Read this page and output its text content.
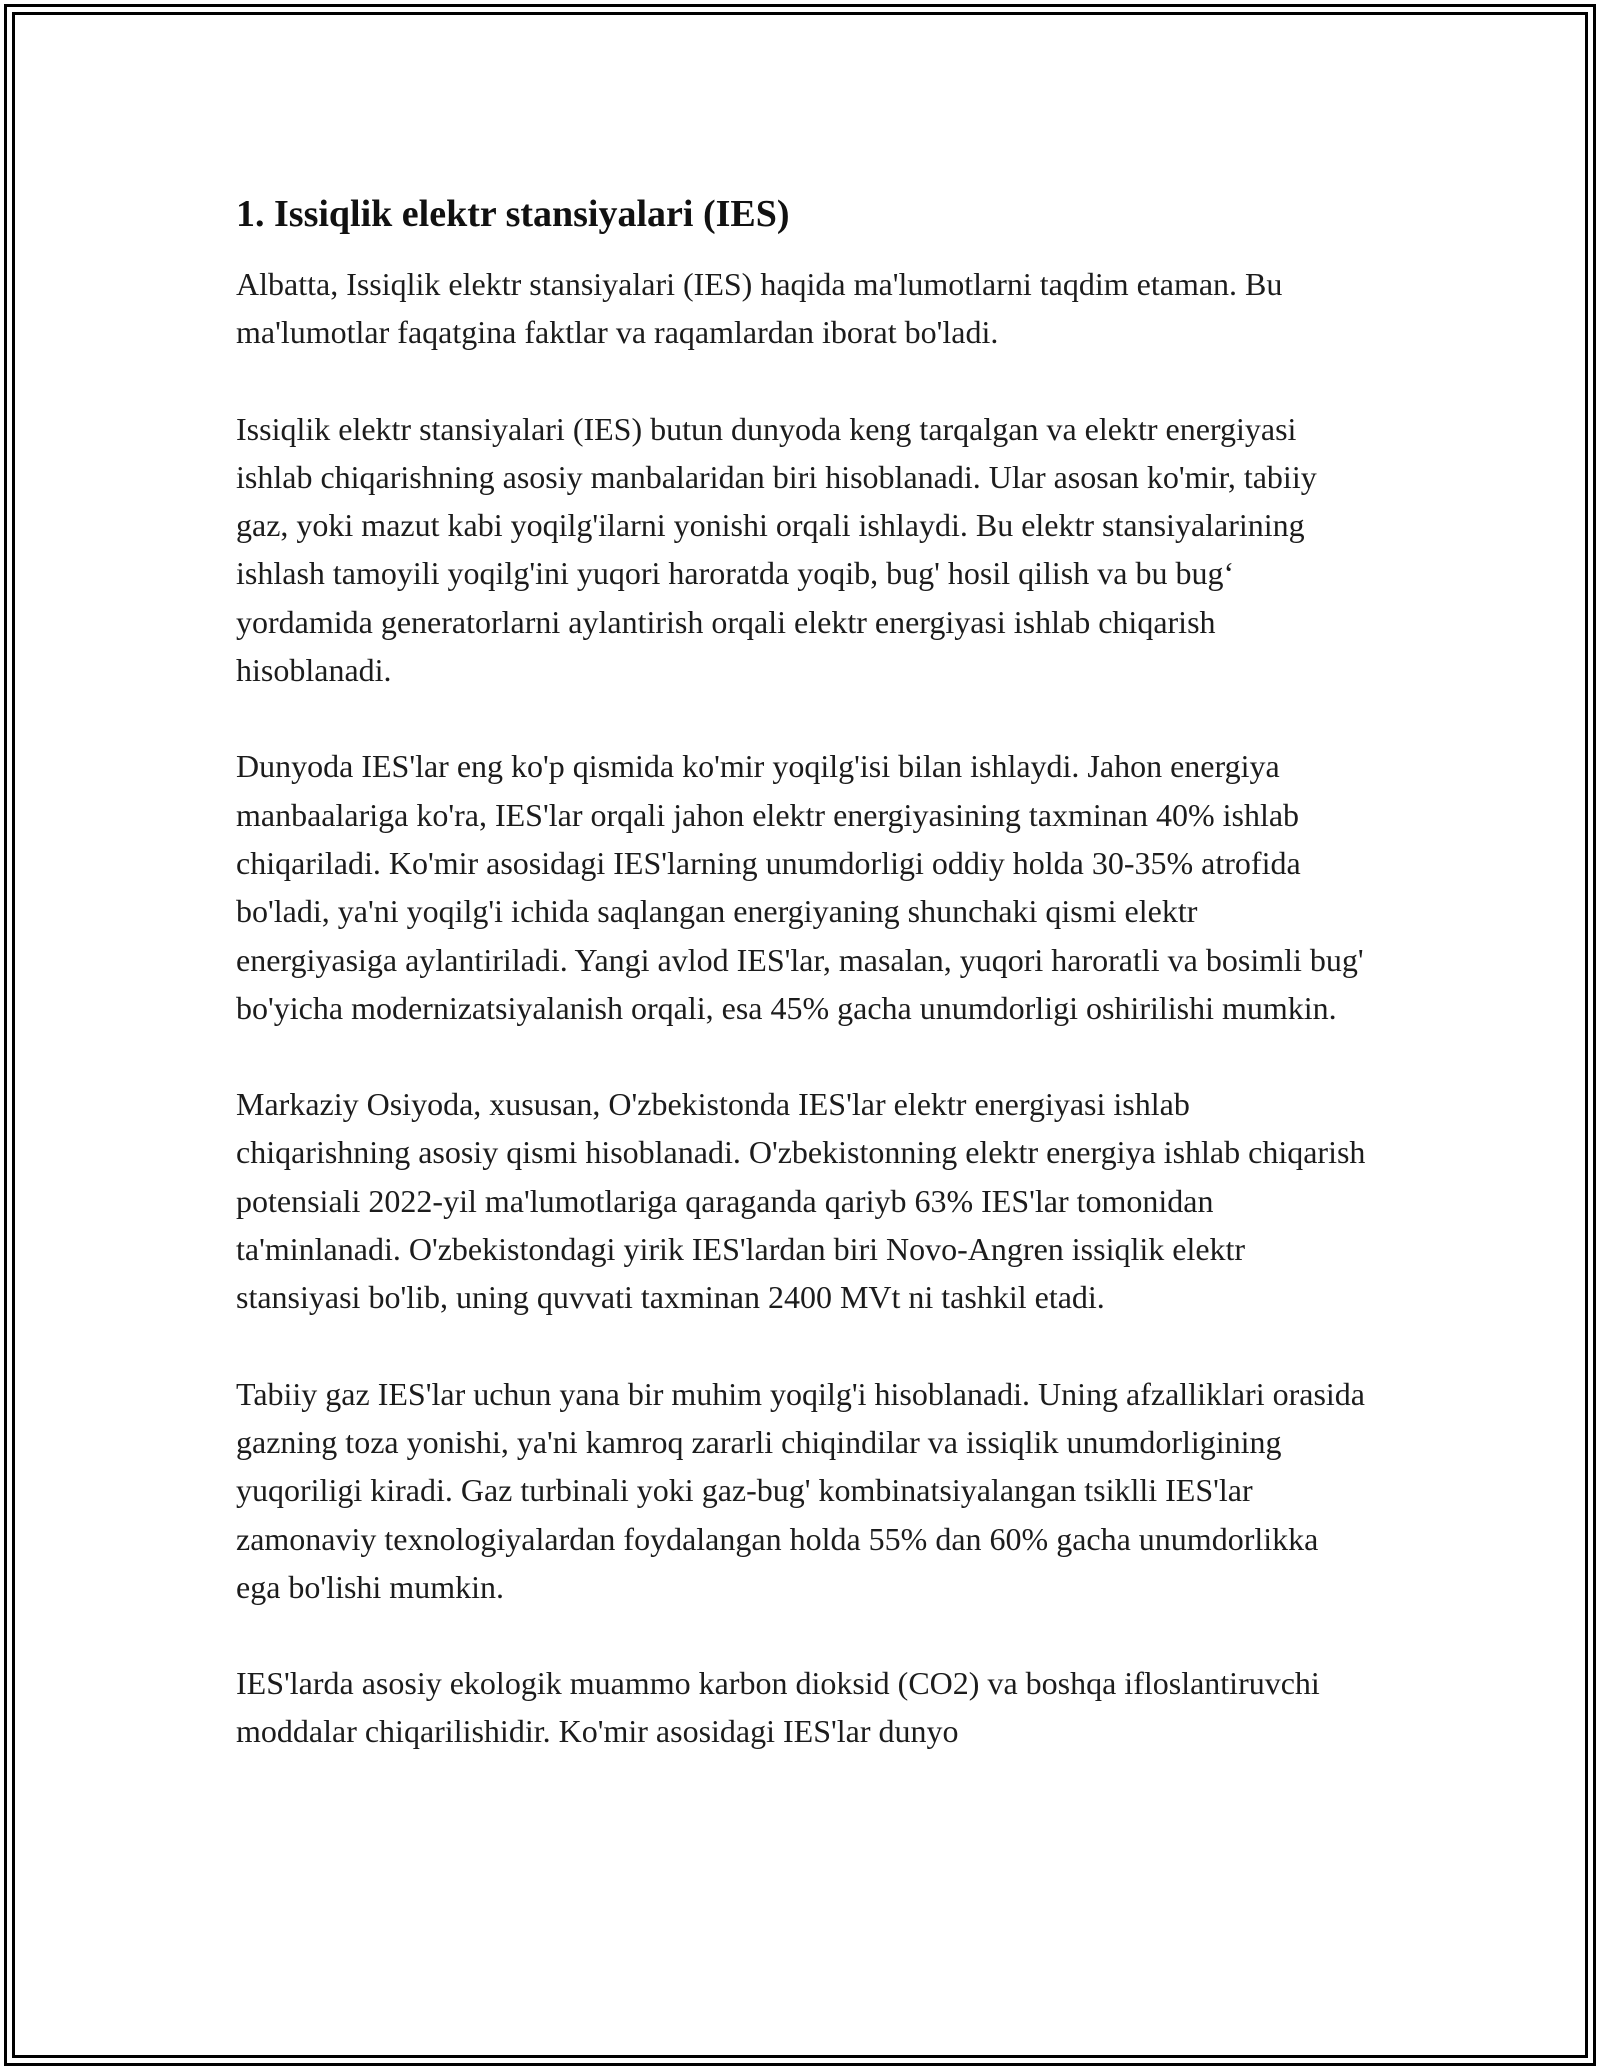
1. Issiqlik elektr stansiyalari (IES)

Albatta, Issiqlik elektr stansiyalari (IES) haqida ma'lumotlarni taqdim etaman. Bu ma'lumotlar faqatgina faktlar va raqamlardan iborat bo'ladi.

Issiqlik elektr stansiyalari (IES) butun dunyoda keng tarqalgan va elektr energiyasi ishlab chiqarishning asosiy manbalaridan biri hisoblanadi. Ular asosan ko'mir, tabiiy gaz, yoki mazut kabi yoqilg'ilarni yonishi orqali ishlaydi. Bu elektr stansiyalarining ishlash tamoyili yoqilg'ini yuqori haroratda yoqib, bug' hosil qilish va bu bug‘ yordamida generatorlarni aylantirish orqali elektr energiyasi ishlab chiqarish hisoblanadi.

Dunyoda IES'lar eng ko'p qismida ko'mir yoqilg'isi bilan ishlaydi. Jahon energiya manbaalariga ko'ra, IES'lar orqali jahon elektr energiyasining taxminan 40% ishlab chiqariladi. Ko'mir asosidagi IES'larning unumdorligi oddiy holda 30-35% atrofida bo'ladi, ya'ni yoqilg'i ichida saqlangan energiyaning shunchaki qismi elektr energiyasiga aylantiriladi. Yangi avlod IES'lar, masalan, yuqori haroratli va bosimli bug' bo'yicha modernizatsiyalanish orqali, esa 45% gacha unumdorligi oshirilishi mumkin.

Markaziy Osiyoda, xususan, O'zbekistonda IES'lar elektr energiyasi ishlab chiqarishning asosiy qismi hisoblanadi. O'zbekistonning elektr energiya ishlab chiqarish potensiali 2022-yil ma'lumotlariga qaraganda qariyb 63% IES'lar tomonidan ta'minlanadi. O'zbekistondagi yirik IES'lardan biri Novo-Angren issiqlik elektr stansiyasi bo'lib, uning quvvati taxminan 2400 MVt ni tashkil etadi.

Tabiiy gaz IES'lar uchun yana bir muhim yoqilg'i hisoblanadi. Uning afzalliklari orasida gazning toza yonishi, ya'ni kamroq zararli chiqindilar va issiqlik unumdorligining yuqoriligi kiradi. Gaz turbinali yoki gaz-bug' kombinatsiyalangan tsiklli IES'lar zamonaviy texnologiyalardan foydalangan holda 55% dan 60% gacha unumdorlikka ega bo'lishi mumkin.

IES'larda asosiy ekologik muammo karbon dioksid (CO2) va boshqa ifloslantiruvchi moddalar chiqarilishidir. Ko'mir asosidagi IES'lar dunyo
